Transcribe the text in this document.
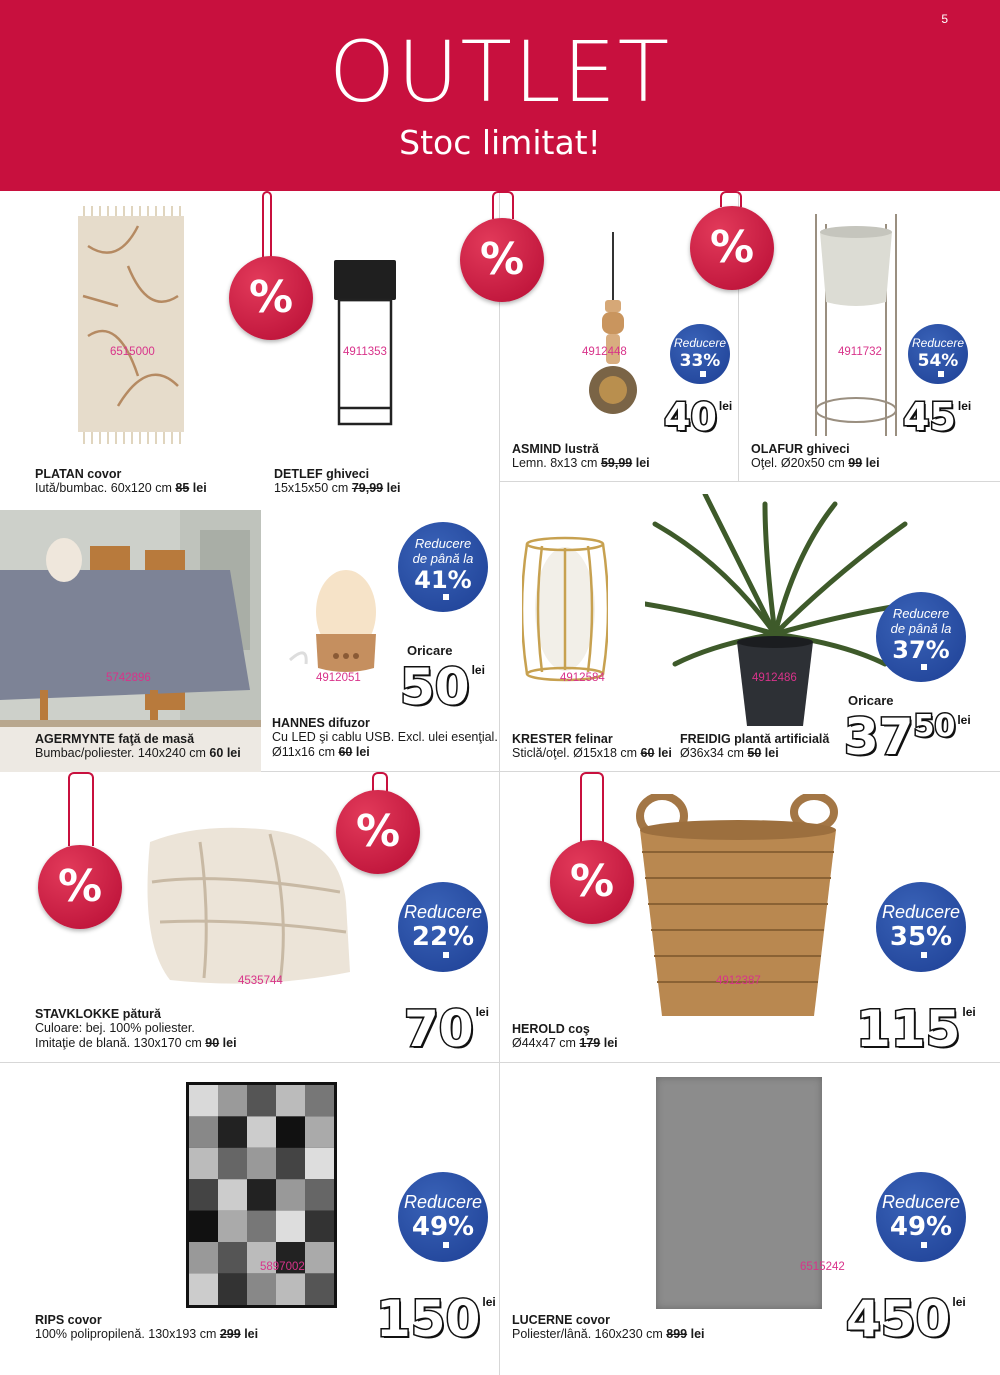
5
OUTLET
Stoc limitat!
6515000
PLATAN covor
Iută/bumbac. 60x120 cm 85 lei
%
4911353
DETLEF ghiveci
15x15x50 cm 79,99 lei
%
4912448
Reducere
33%
40 $^{lei}$
ASMIND lustră
Lemn. 8x13 cm 59,99 lei
%
4911732
Reducere
54%
45 $^{lei}$
OLAFUR ghiveci
Oţel. Ø20x50 cm 99 lei
5742896
AGERMYNTE faţă de masă
Bumbac/poliester. 140x240 cm 60 lei
4912051
HANNES difuzor
Cu LED şi cablu USB. Excl. ulei esenţial.
Ø11x16 cm 60 lei
Reducere
de până la
41%
Oricare
50 $^{lei}$
4912584
KRESTER felinar
Sticlă/oţel. Ø15x18 cm 60 lei
4912486
FREIDIG plantă artificială
Ø36x34 cm 50 lei
Reducere
de până la
37%
Oricare
$37^{50}$ $^{lei}$
%
%
4535744
Reducere
22%
70 $^{lei}$
STAVKLOKKE pătură
Culoare: bej. 100% poliester.
Imitaţie de blană. 130x170 cm 90 lei
%
4912387
Reducere
35%
115 $^{lei}$
HEROLD coş
Ø44x47 cm 179 lei
5897002
Reducere
49%
150 $^{lei}$
RIPS covor
100% polipropilenă. 130x193 cm 299 lei
6515242
Reducere
49%
450 $^{lei}$
LUCERNE covor
Poliester/lână. 160x230 cm 899 lei
